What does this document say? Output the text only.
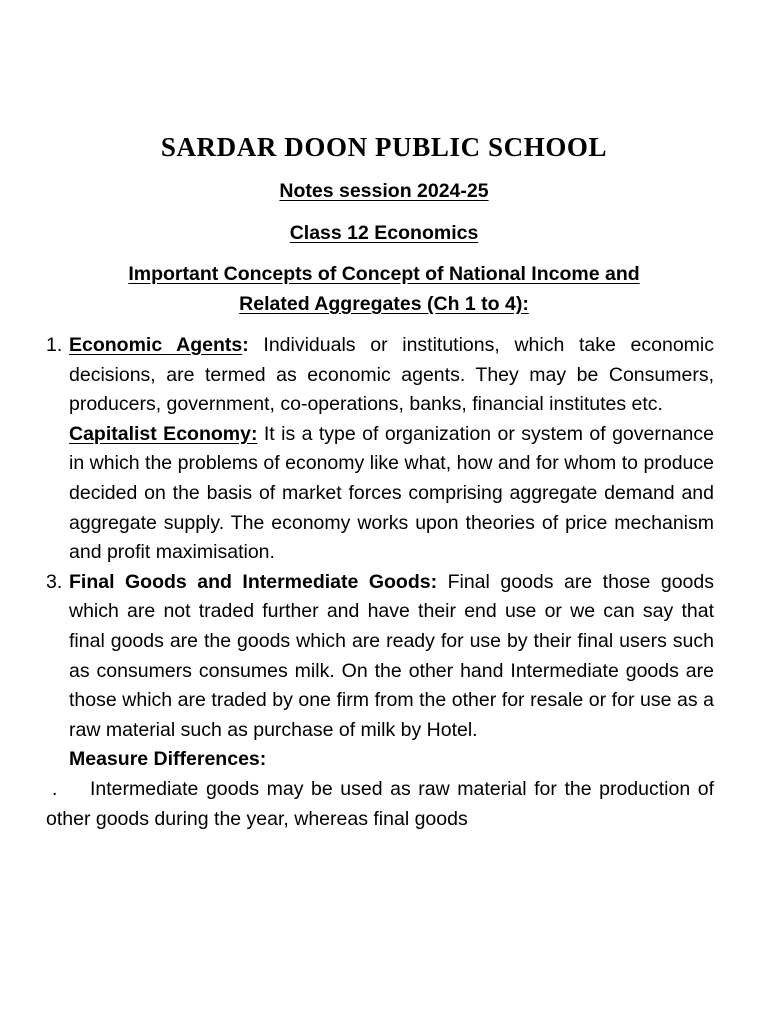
SARDAR DOON PUBLIC SCHOOL
Notes session 2024-25
Class 12 Economics
Important Concepts of Concept of National Income and
Related Aggregates (Ch 1 to 4):

1. Economic Agents: Individuals or institutions, which take economic decisions, are termed as economic agents. They may be Consumers, producers, government, co-operations, banks, financial institutes etc.

Capitalist Economy: It is a type of organization or system of governance in which the problems of economy like what, how and for whom to produce decided on the basis of market forces comprising aggregate demand and aggregate supply. The economy works upon theories of price mechanism and profit maximisation.

3. Final Goods and Intermediate Goods: Final goods are those goods which are not traded further and have their end use or we can say that final goods are the goods which are ready for use by their final users such as consumers consumes milk. On the other hand Intermediate goods are those which are traded by one firm from the other for resale or for use as a raw material such as purchase of milk by Hotel.

Measure Differences:

. Intermediate goods may be used as raw material for the production of other goods during the year, whereas final goods
